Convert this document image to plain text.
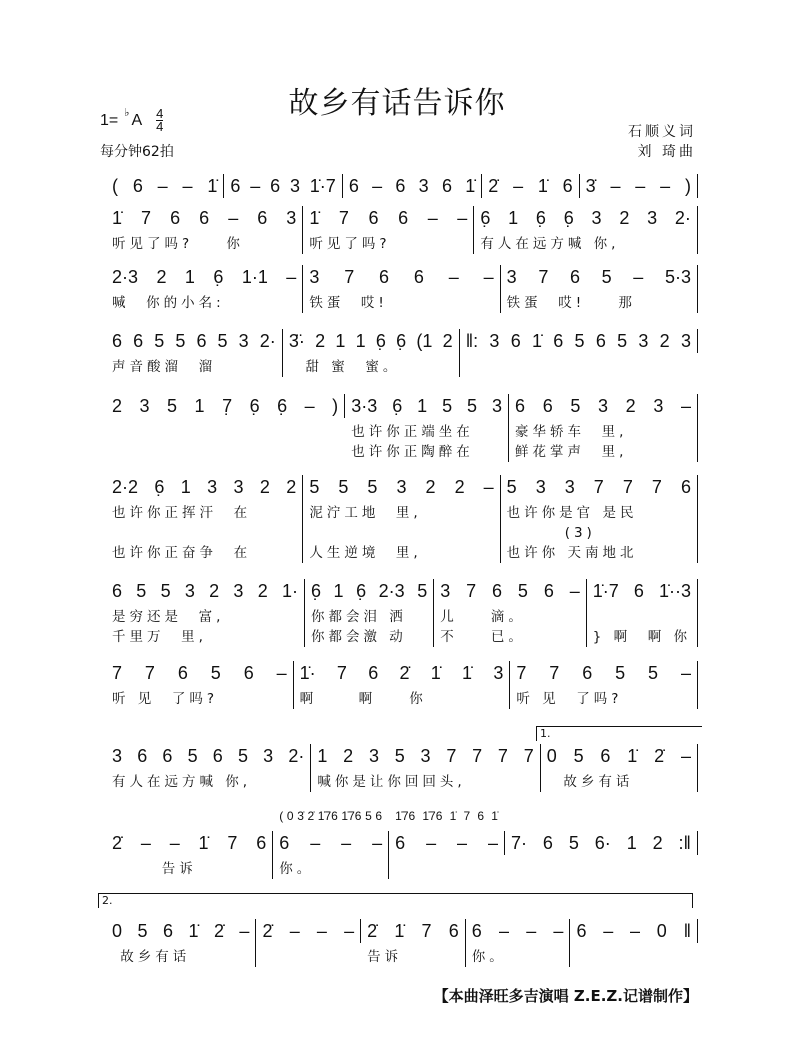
故乡有话告诉你
1= ♭ A $\frac{4}{4}$
每分钟62拍
石顺义词
刘 琦曲
( 6 – – 1̇ 6 – 6 3 1̇·7 6 – 6 3 6 1̇ 2̇ – 1̇ 6 3̇ – – – )
1̇ 7 6 6 – 6 3
听见了吗?    你
1̇ 7 6 6 – –
听见了吗?
6̣ 1 6̣ 6̣ 3 2 3 2·
有人在远方喊 你,
2·3 2 1 6̣ 1·1 –
喊  你的小名:
3 7 6 6 – –
铁蛋  哎!
3 7 6 5 – 5·3
铁蛋  哎!    那
6 6 5 5 6 5 3 2·
声音酸溜  溜
3̈· 2 1 1 6̣ 6̣ (1 2
甜 蜜  蜜。
‖: 3 6 1̇ 6 5 6 5 3 2 3
2 3 5 1 7̣ 6̣ 6̣ – ) 3·3 6̣ 1 5 5 3
也许你正端坐在
也许你正陶醉在
6 6 5 3 2 3 –
豪华轿车  里,
鲜花掌声  里,
2·2 6̣ 1 3 3 2 2
也许你正挥汗  在
也许你正奋争  在
5 5 5 3 2 2 –
泥泞工地  里,
人生逆境  里,
5 3 3 7 7 7 6
也许你是官 是民
(3)
也许你 天南地北
6 5 5 3 2 3 2 1·
是穷还是  富,
千里万  里,
6̣ 1 6̣ 2·3 5
你都会泪 洒
你都会激 动
3 7 6 5 6 –
儿    滴。
不    已。
1̇·7 6 1̇··3
} 啊  啊 你
7 7 6 5 6 –
听 见  了吗?
1̇· 7 6 2̇ 1̇ 1̇ 3
啊     啊    你
7 7 6 5 5 –
听 见  了吗?
3 6 6 5 6 5 3 2·
有人在远方喊 你,
1 2 3 5 3 7 7 7 7
喊你是让你回回头,
0 5 6 1̇ 2̇ –
故乡有话
1.
2̇ – – 1̇ 7 6
告诉
6 – – –
( 0 3̇ 2̇ 1̇76 1̇76 5 6
你。
6 – – –
1̇76 1̇76 1̇ 7 6 1̇
7· 6 5 6· 1 2 :‖
0 5 6 1̇ 2̇ –
故乡有话
2̇ – – – 2̇ 1̇ 7 6
告诉
6 – – –
你。
6 – – 0 ‖
2.
【本曲泽旺多吉演唱 Z.E.Z.记谱制作】
